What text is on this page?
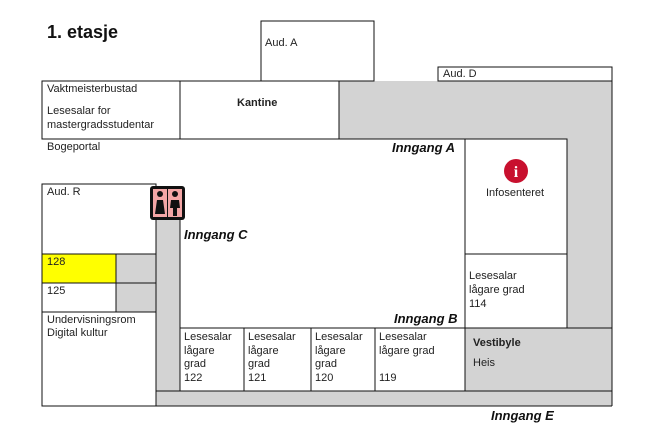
i
1. etasje
Aud. A
Aud. D
Vaktmeisterbustad
Lesesalar for
mastergradsstudentar
Kantine
Bogeportal
Aud. R
128
125
Undervisningsrom
Digital kultur
Infosenteret
Lesesalar
lågare grad
114
Lesesalar
lågare
grad
122
Lesesalar
lågare
grad
121
Lesesalar
lågare
grad
120
Lesesalar
lågare grad
119
Vestibyle
Heis
Inngang A
Inngang C
Inngang B
Inngang E
